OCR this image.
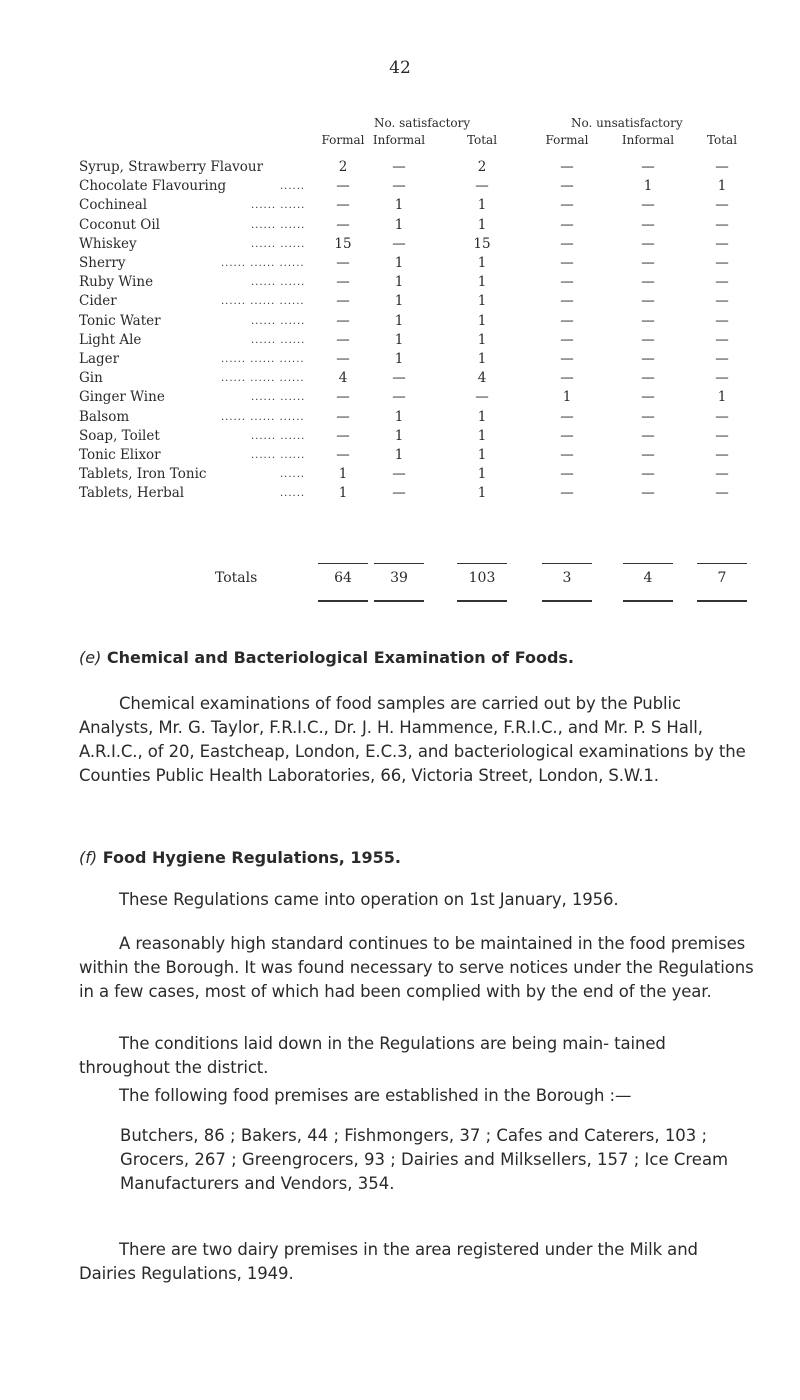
42
No. satisfactory	No. unsatisfactory
Formal Informal	Total	Formal	Informal	Total
Syrup, Strawberry Flavour	2	—	2	—	—	—
Chocolate Flavouring	......	—	—	—	—	1	1
Cochineal	...... ......	—	1	1	—	—	—
Coconut Oil	...... ......	—	1	1	—	—	—
Whiskey	...... ......	15	—	15	—	—	—
Sherry	...... ...... ......	—	1	1	—	—	—
Ruby Wine	...... ......	—	1	1	—	—	—
Cider	...... ...... ......	—	1	1	—	—	—
Tonic Water	...... ......	—	1	1	—	—	—
Light Ale	...... ......	—	1	1	—	—	—
Lager	...... ...... ......	—	1	1	—	—	—
Gin	...... ...... ......	4	—	4	—	—	—
Ginger Wine	...... ......	—	—	—	1	—	1
Balsom	...... ...... ......	—	1	1	—	—	—
Soap, Toilet	...... ......	—	1	1	—	—	—
Tonic Elixor	...... ......	—	1	1	—	—	—
Tablets, Iron Tonic	......	1	—	1	—	—	—
Tablets, Herbal	......	1	—	1	—	—	—
Totals	64	39	103	3	4	7
(e) Chemical and Bacteriological Examination of Foods.

Chemical examinations of food samples are carried out by the Public Analysts, Mr. G. Taylor, F.R.I.C., Dr. J. H. Hammence, F.R.I.C., and Mr. P. S Hall, A.R.I.C., of 20, Eastcheap, London, E.C.3, and bacteriological examinations by the Counties Public Health Laboratories, 66, Victoria Street, London, S.W.1.

(f) Food Hygiene Regulations, 1955.

These Regulations came into operation on 1st January, 1956.

A reasonably high standard continues to be maintained in the food premises within the Borough. It was found necessary to serve notices under the Regulations in a few cases, most of which had been complied with by the end of the year.

The conditions laid down in the Regulations are being main- tained throughout the district.

The following food premises are established in the Borough :—

Butchers, 86 ; Bakers, 44 ; Fishmongers, 37 ; Cafes and Caterers, 103 ; Grocers, 267 ; Greengrocers, 93 ; Dairies and Milksellers, 157 ; Ice Cream Manufacturers and Vendors, 354.

There are two dairy premises in the area registered under the Milk and Dairies Regulations, 1949.
